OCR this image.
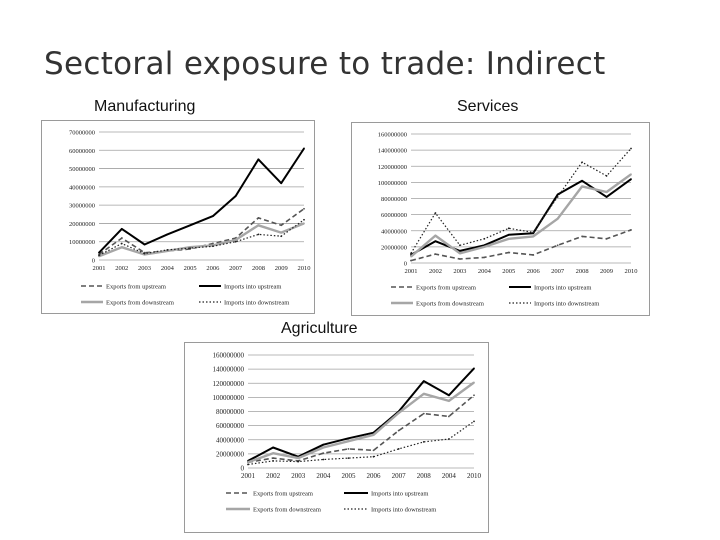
Sectoral exposure to trade: Indirect
Manufacturing	Services
Agriculture
0
10000000
20000000
30000000
40000000
50000000
60000000
70000000
2001 2002 2003 2004 2005 2006 2007 2008 2009 2010
Exports from upstream	Imports into upstream
Exports from downstream	Imports into downstream
0
20000000
40000000
60000000
80000000
100000000
120000000
140000000
160000000
2001 2002 2003 2004 2005 2006 2007 2008 2009 2010
Exports from upstream	Imports into upstream
Exports from downstream	Imports into downstream
0
20000000
40000000
60000000
80000000
100000000
120000000
140000000
160000000
2001 2002 2003 2004 2005 2006 2007 2008 2004 2010
Exports from upstream	Imports into upstream
Exports from downstream	Imports into downstream
